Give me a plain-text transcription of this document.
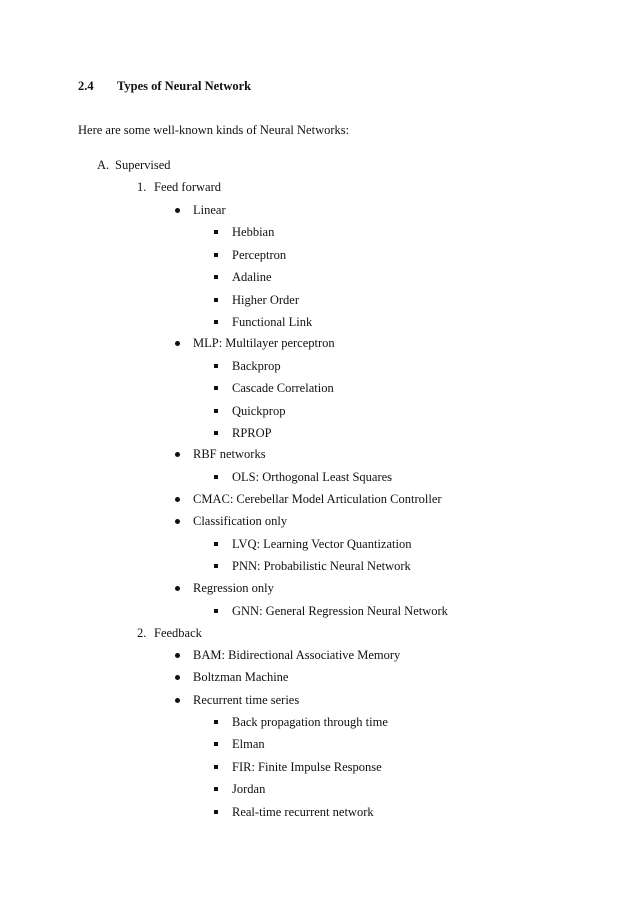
2.4 Types of Neural Network
Here are some well-known kinds of Neural Networks:
A. Supervised
1. Feed forward
Linear
Hebbian
Perceptron
Adaline
Higher Order
Functional Link
MLP: Multilayer perceptron
Backprop
Cascade Correlation
Quickprop
RPROP
RBF networks
OLS: Orthogonal Least Squares
CMAC: Cerebellar Model Articulation Controller
Classification only
LVQ: Learning Vector Quantization
PNN: Probabilistic Neural Network
Regression only
GNN: General Regression Neural Network
2. Feedback
BAM: Bidirectional Associative Memory
Boltzman Machine
Recurrent time series
Back propagation through time
Elman
FIR: Finite Impulse Response
Jordan
Real-time recurrent network
